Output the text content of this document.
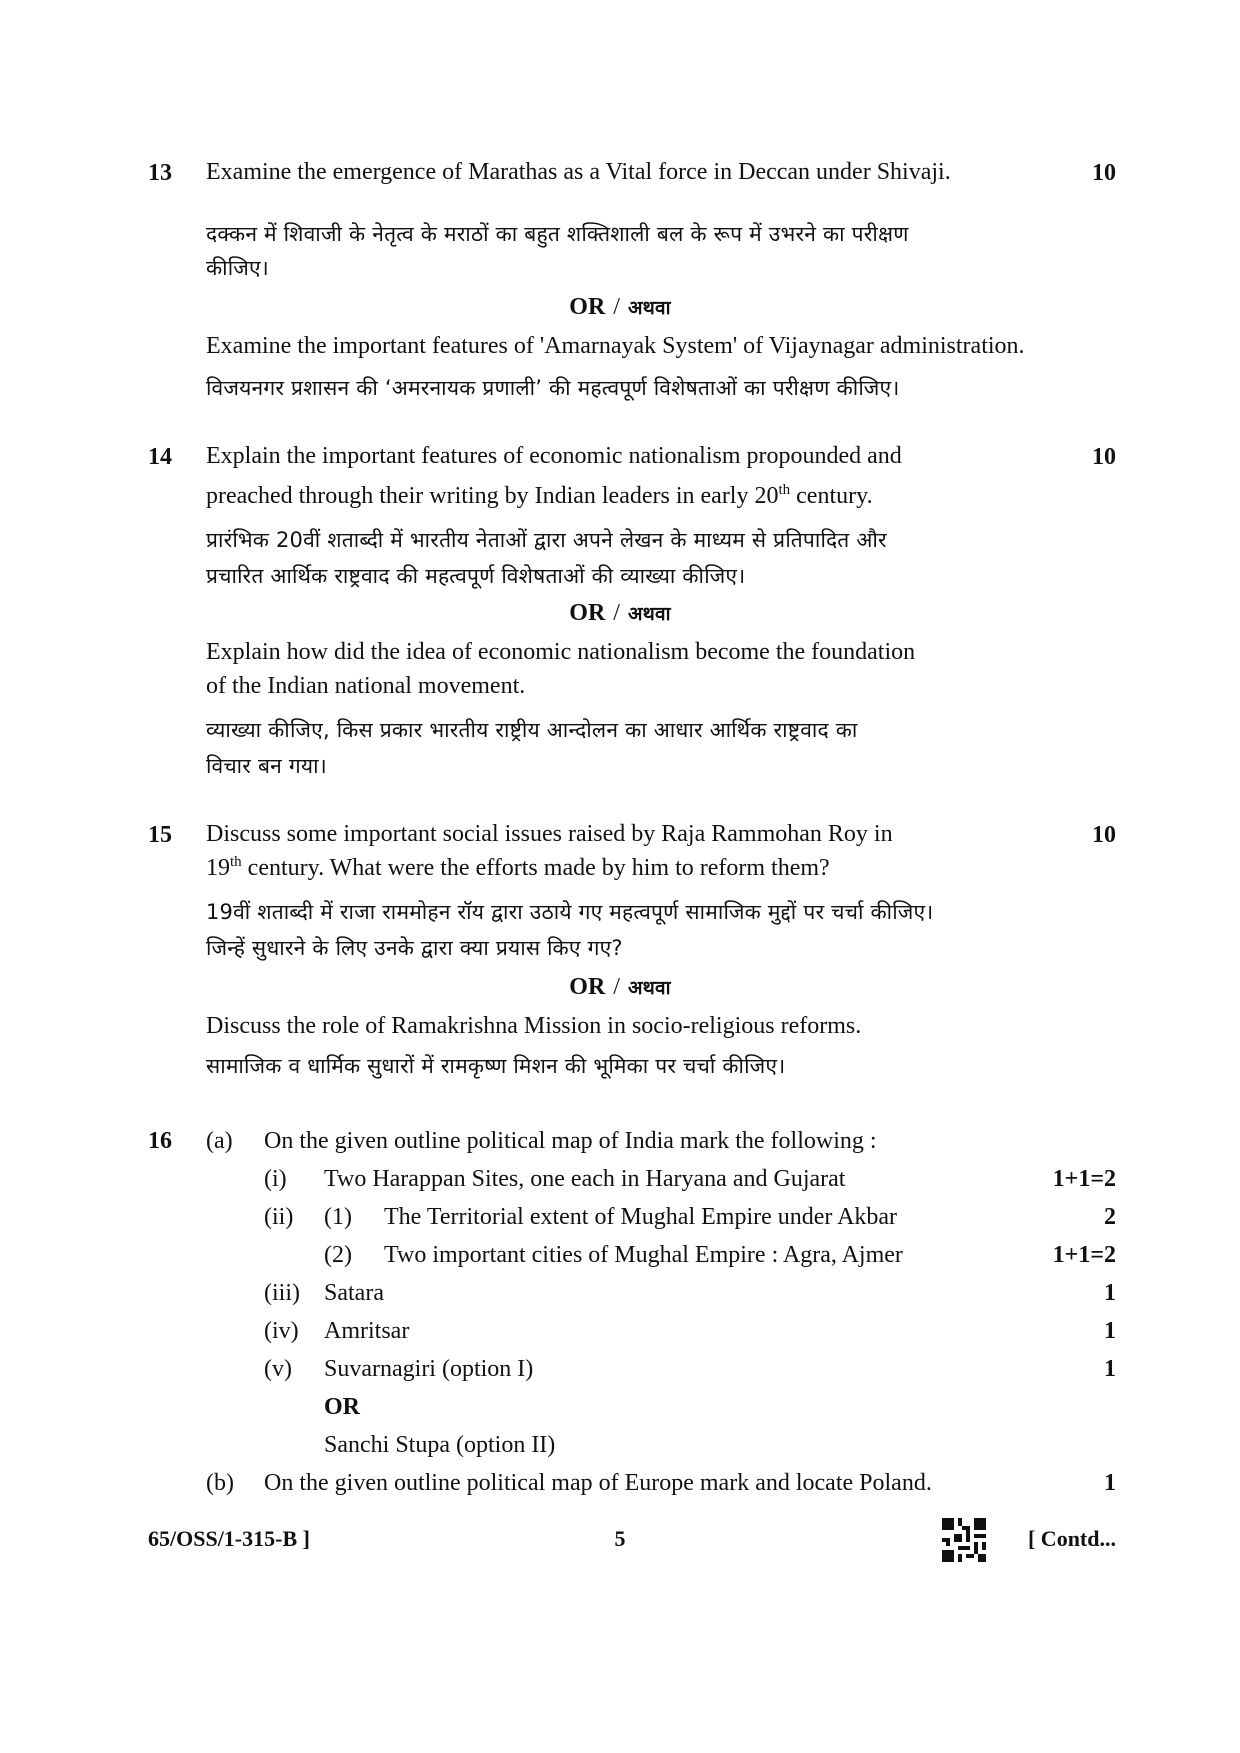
13	10
Examine the emergence of Marathas as a Vital force in Deccan under Shivaji.
दक्कन में शिवाजी के नेतृत्व के मराठों का बहुत शक्तिशाली बल के रूप में उभरने का परीक्षण
कीजिए।
OR / अथवा
Examine the important features of 'Amarnayak System' of Vijaynagar administration.
विजयनगर प्रशासन की ‘अमरनायक प्रणाली’ की महत्वपूर्ण विशेषताओं का परीक्षण कीजिए।
14	10
Explain the important features of economic nationalism propounded and
preached through their writing by Indian leaders in early 20th century.
प्रारंभिक 20वीं शताब्दी में भारतीय नेताओं द्वारा अपने लेखन के माध्यम से प्रतिपादित और
प्रचारित आर्थिक राष्ट्रवाद की महत्वपूर्ण विशेषताओं की व्याख्या कीजिए।
OR / अथवा
Explain how did the idea of economic nationalism become the foundation
of the Indian national movement.
व्याख्या कीजिए, किस प्रकार भारतीय राष्ट्रीय आन्दोलन का आधार आर्थिक राष्ट्रवाद का
विचार बन गया।
15	10
Discuss some important social issues raised by Raja Rammohan Roy in
19th century. What were the efforts made by him to reform them?
19वीं शताब्दी में राजा राममोहन रॉय द्वारा उठाये गए महत्वपूर्ण सामाजिक मुद्दों पर चर्चा कीजिए।
जिन्हें सुधारने के लिए उनके द्वारा क्या प्रयास किए गए?
OR / अथवा
Discuss the role of Ramakrishna Mission in socio-religious reforms.
सामाजिक व धार्मिक सुधारों में रामकृष्ण मिशन की भूमिका पर चर्चा कीजिए।
16 (a) On the given outline political map of India mark the following :
(i) Two Harappan Sites, one each in Haryana and Gujarat	1+1=2
(ii) (1) The Territorial extent of Mughal Empire under Akbar	2
(2) Two important cities of Mughal Empire : Agra, Ajmer	1+1=2
(iii) Satara	1
(iv) Amritsar	1
(v) Suvarnagiri (option I)	1
OR
Sanchi Stupa (option II)
(b) On the given outline political map of Europe mark and locate Poland.	1
65/OSS/1-315-B ]	5	[ Contd...
